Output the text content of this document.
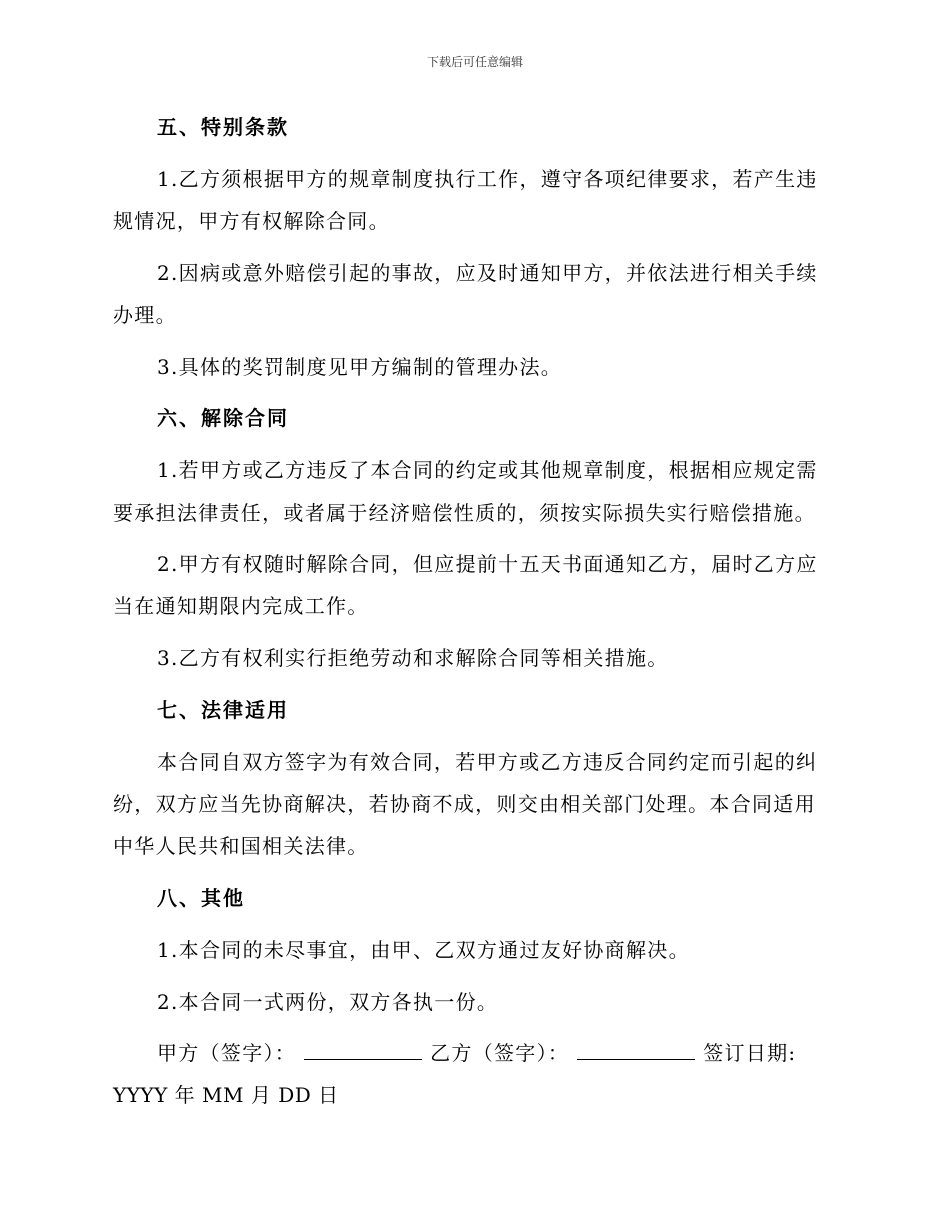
下载后可任意编辑
五、特别条款
1.乙方须根据甲方的规章制度执行工作，遵守各项纪律要求，若产生违
规情况，甲方有权解除合同。
2.因病或意外赔偿引起的事故，应及时通知甲方，并依法进行相关手续
办理。
3.具体的奖罚制度见甲方编制的管理办法。
六、解除合同
1.若甲方或乙方违反了本合同的约定或其他规章制度，根据相应规定需
要承担法律责任，或者属于经济赔偿性质的，须按实际损失实行赔偿措施。
2.甲方有权随时解除合同，但应提前十五天书面通知乙方，届时乙方应
当在通知期限内完成工作。
3.乙方有权利实行拒绝劳动和求解除合同等相关措施。
七、法律适用
本合同自双方签字为有效合同，若甲方或乙方违反合同约定而引起的纠
纷，双方应当先协商解决，若协商不成，则交由相关部门处理。本合同适用
中华人民共和国相关法律。
八、其他
1.本合同的未尽事宜，由甲、乙双方通过友好协商解决。
2.本合同一式两份，双方各执一份。
甲方（签字）：	乙方（签字）：	签订日期:
YYYY 年 MM 月 DD 日
